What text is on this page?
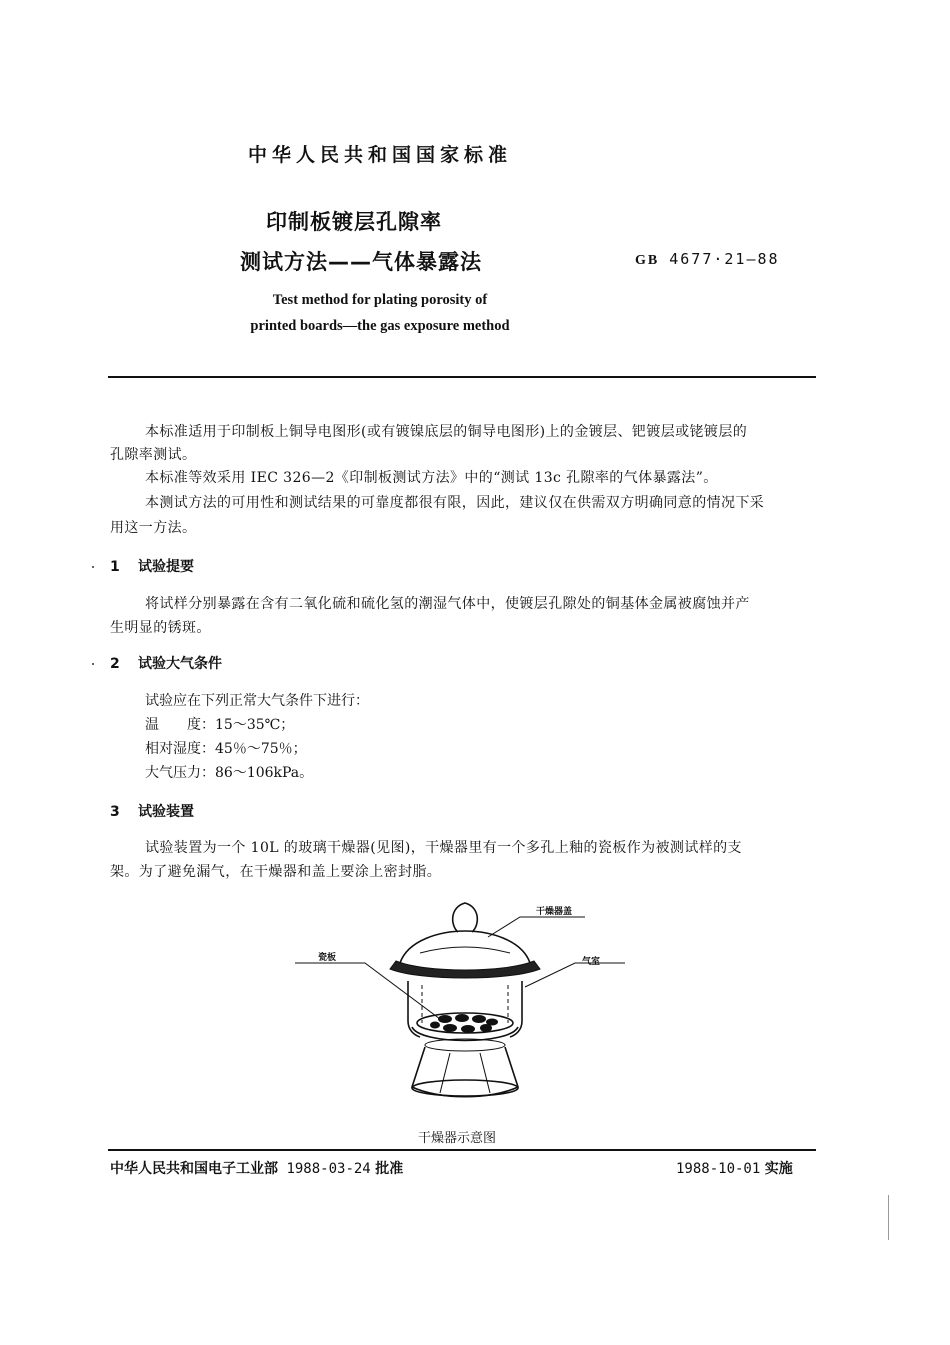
中华人民共和国国家标准
印制板镀层孔隙率
测试方法——气体暴露法	GB 4677·21—88
Test method for plating porosity of
printed boards—the gas exposure method
本标准适用于印制板上铜导电图形(或有镀镍底层的铜导电图形)上的金镀层、钯镀层或铑镀层的
孔隙率测试。
本标准等效采用 IEC 326—2《印制板测试方法》中的“测试 13c 孔隙率的气体暴露法”。
本测试方法的可用性和测试结果的可靠度都很有限，因此，建议仅在供需双方明确同意的情况下采
用这一方法。
1 试验提要
将试样分别暴露在含有二氧化硫和硫化氢的潮湿气体中，使镀层孔隙处的铜基体金属被腐蚀并产
生明显的锈斑。
2 试验大气条件
试验应在下列正常大气条件下进行：
温　　度：15～35℃；
相对湿度：45％～75％；
大气压力：86～106kPa。
3 试验装置
试验装置为一个 10L 的玻璃干燥器(见图)，干燥器里有一个多孔上釉的瓷板作为被测试样的支
架。为了避免漏气，在干燥器和盖上要涂上密封脂。
干燥器盖
瓷板	气室
干燥器示意图
中华人民共和国电子工业部 1988-03-24 批准	1988-10-01 实施
